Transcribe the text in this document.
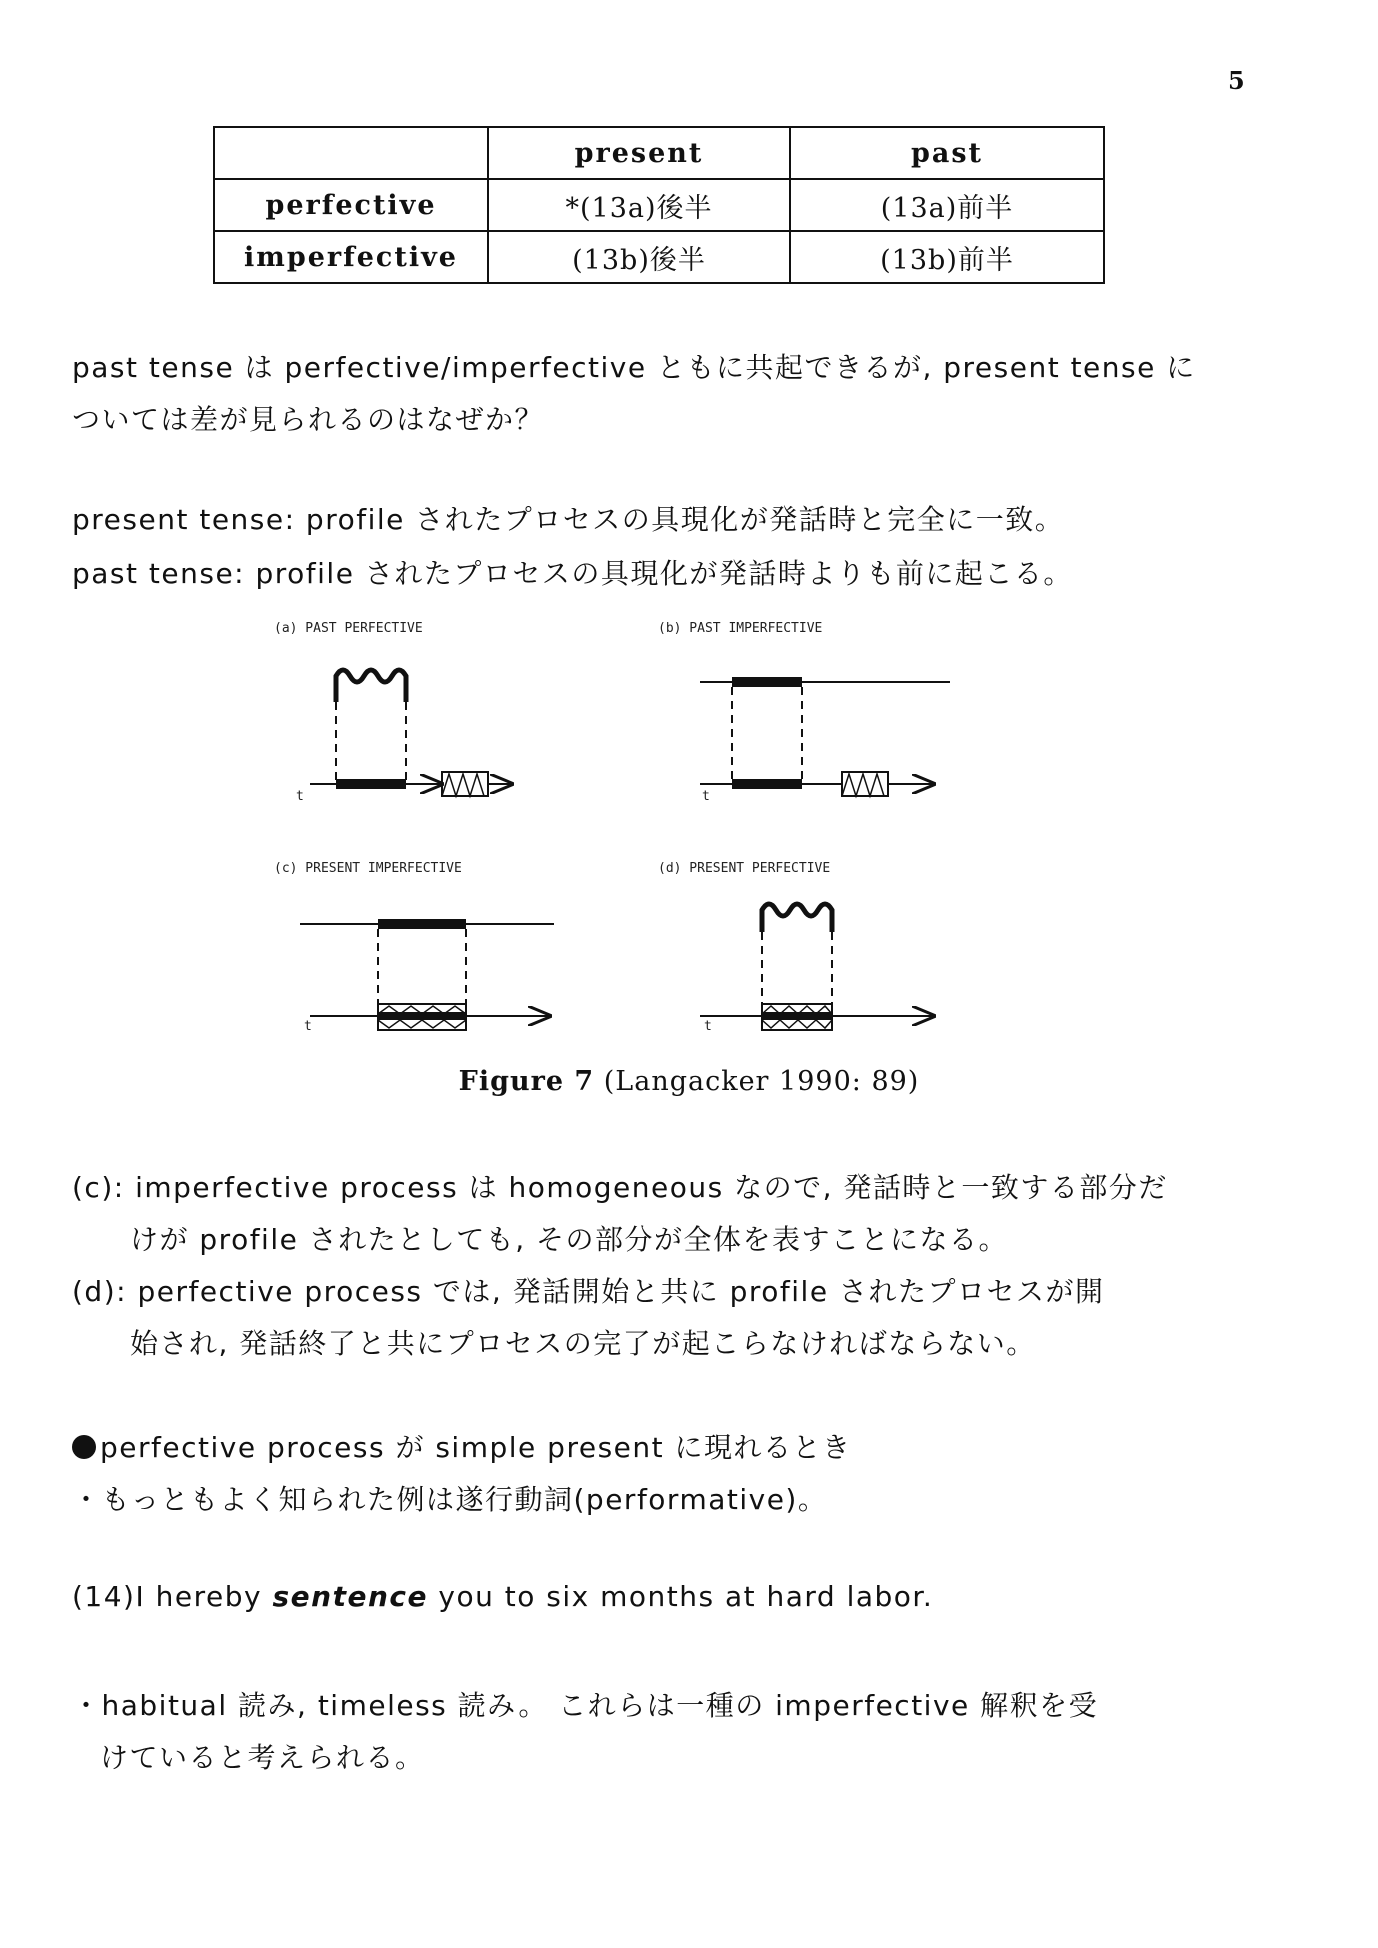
5
	present	past
perfective	*(13a)後半	(13a)前半
imperfective	(13b)後半	(13b)前半
past tense は perfective/imperfective ともに共起できるが, present tense に
ついては差が見られるのはなぜか？
present tense: profile されたプロセスの具現化が発話時と完全に一致。
past tense: profile されたプロセスの具現化が発話時よりも前に起こる。
(a) PAST PERFECTIVE
t
(b) PAST IMPERFECTIVE
t
(c) PRESENT IMPERFECTIVE
t
(d) PRESENT PERFECTIVE
t
Figure 7 (Langacker 1990: 89)
(c): imperfective process は homogeneous なので, 発話時と一致する部分だ
けが profile されたとしても, その部分が全体を表すことになる。
(d): perfective process では, 発話開始と共に profile されたプロセスが開
始され, 発話終了と共にプロセスの完了が起こらなければならない。
perfective process が simple present に現れるとき
・もっともよく知られた例は遂行動詞(performative)。
(14)I hereby sentence you to six months at hard labor.
・habitual 読み, timeless 読み。 これらは一種の imperfective 解釈を受
けていると考えられる。
